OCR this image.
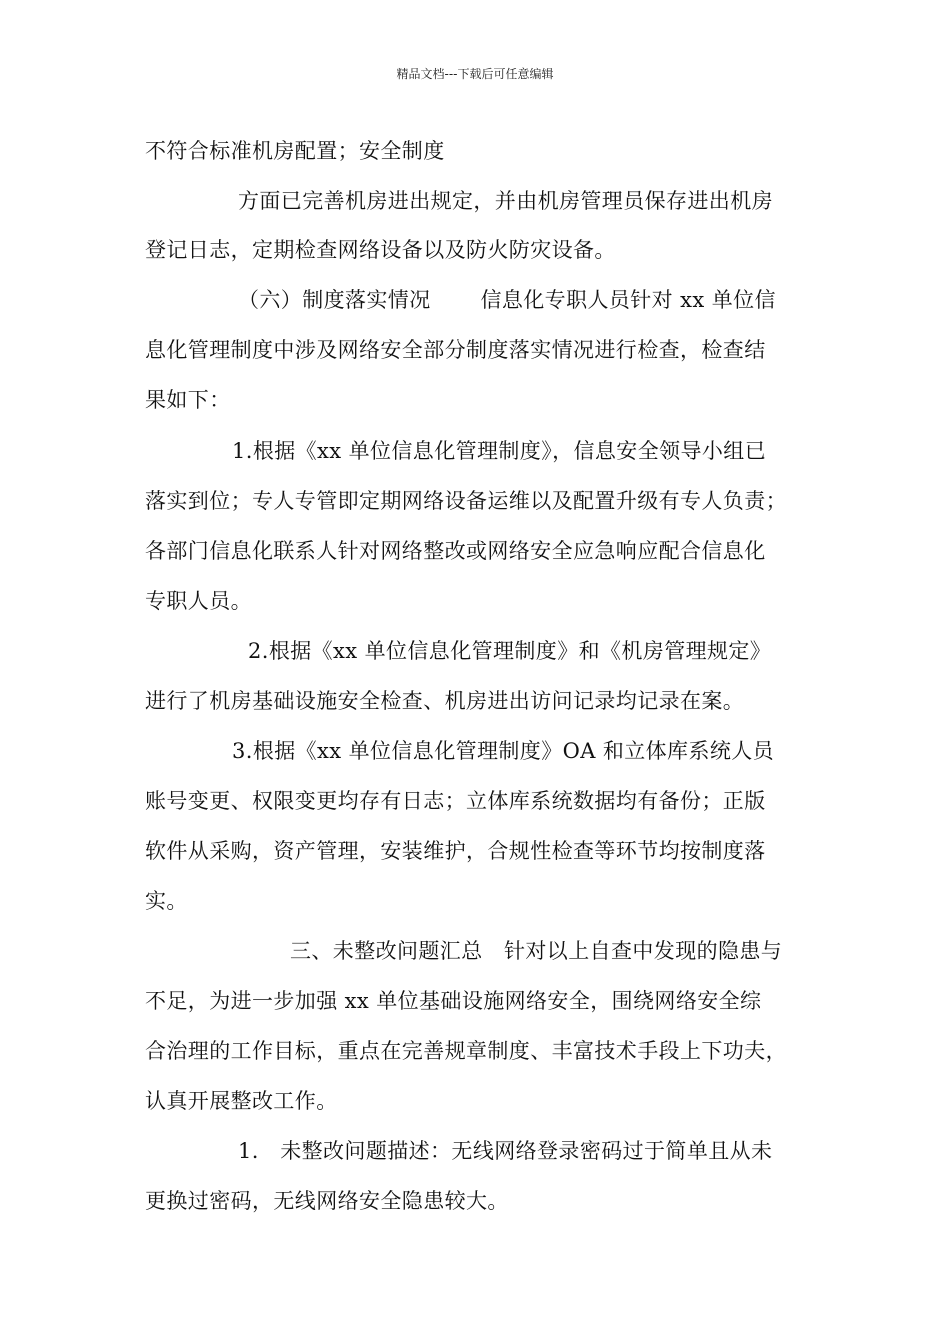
精品文档---下载后可任意编辑
不符合标准机房配置；安全制度
方面已完善机房进出规定，并由机房管理员保存进出机房
登记日志，定期检查网络设备以及防火防灾设备。
（六）制度落实情况　　 信息化专职人员针对 xx 单位信
息化管理制度中涉及网络安全部分制度落实情况进行检查，检查结
果如下：
1.根据《xx 单位信息化管理制度》，信息安全领导小组已
落实到位；专人专管即定期网络设备运维以及配置升级有专人负责；
各部门信息化联系人针对网络整改或网络安全应急响应配合信息化
专职人员。
2.根据《xx 单位信息化管理制度》和《机房管理规定》
进行了机房基础设施安全检查、机房进出访问记录均记录在案。
3.根据《xx 单位信息化管理制度》OA 和立体库系统人员
账号变更、权限变更均存有日志；立体库系统数据均有备份；正版
软件从采购，资产管理，安装维护，合规性检查等环节均按制度落
实。
三、未整改问题汇总　针对以上自查中发现的隐患与
不足，为进一步加强 xx 单位基础设施网络安全，围绕网络安全综
合治理的工作目标，重点在完善规章制度、丰富技术手段上下功夫，
认真开展整改工作。
1.　未整改问题描述：无线网络登录密码过于简单且从未
更换过密码，无线网络安全隐患较大。
